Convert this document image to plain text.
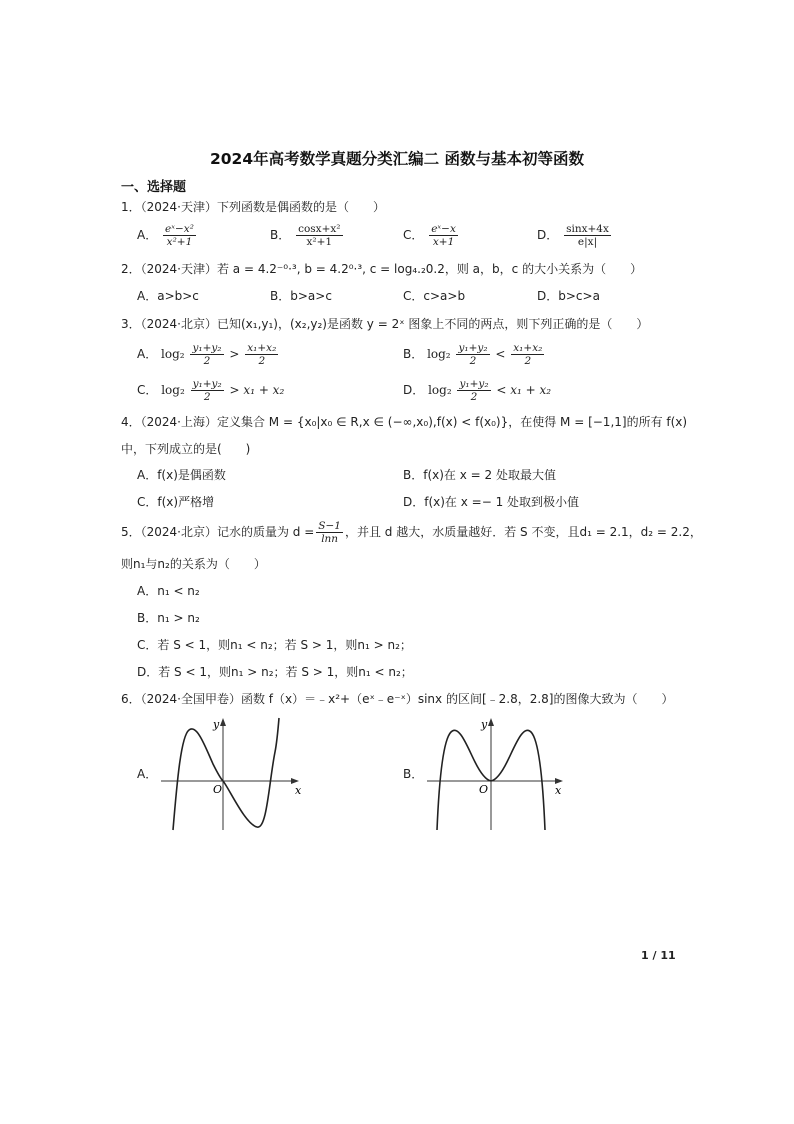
2024年高考数学真题分类汇编二 函数与基本初等函数
一、选择题
1．（2024·天津）下列函数是偶函数的是（　　）
A． $\frac{\text{eˣ−x²}}{\text{x²+1}}$	B． $\frac{\text{cosx+x²}}{\text{x²+1}}$	C． $\frac{\text{eˣ−x}}{x+1}$	D． $\frac{\sin x+4x}{e|x|}$
2．（2024·天津）若 a = 4.2⁻⁰·³, b = 4.2⁰·³, c = log₄.₂0.2，则 a，b，c 的大小关系为（　　）
A．a>b>c	B．b>a>c	C．c>a>b	D．b>c>a
3．（2024·北京）已知(x₁,y₁)，(x₂,y₂)是函数 y = 2ˣ 图象上不同的两点，则下列正确的是（　　）
A． $\log_2 \frac{\text{y₁+y₂}}{2} > \frac{\text{x₁+x₂}}{2}$	B． $\log_2 \frac{\text{y₁+y₂}}{2} < \frac{\text{x₁+x₂}}{2}$
C． $\log_2 \frac{\text{y₁+y₂}}{2} > x_1 + x_2$	D． $\log_2 \frac{\text{y₁+y₂}}{2} < x_1 + x_2$
4．（2024·上海）定义集合 M = {x₀|x₀ ∈ R,x ∈ (−∞,x₀),f(x) < f(x₀)}，在使得 M = [−1,1]的所有 f(x)
中，下列成立的是(　　)
A．f(x)是偶函数	B．f(x)在 x = 2 处取最大值
C．f(x)严格增	D．f(x)在 x =− 1 处取到极小值
5．（2024·北京）记水的质量为 $d = \frac{S-1}{\ln n}$ ，并且 d 越大，水质量越好．若 S 不变，且d₁ = 2.1，d₂ = 2.2，
则n₁与n₂的关系为（　　）
A．n₁ < n₂
B．n₁ > n₂
C．若 S < 1，则n₁ < n₂；若 S > 1，则n₁ > n₂；
D．若 S < 1，则n₁ > n₂；若 S > 1，则n₁ < n₂；
6．（2024·全国甲卷）函数 f（x）＝﹣x²+（eˣ﹣e⁻ˣ）sinx 的区间[﹣2.8，2.8]的图像大致为（　　）
A．
x
y
O
B．
x
y
O
1 / 11
